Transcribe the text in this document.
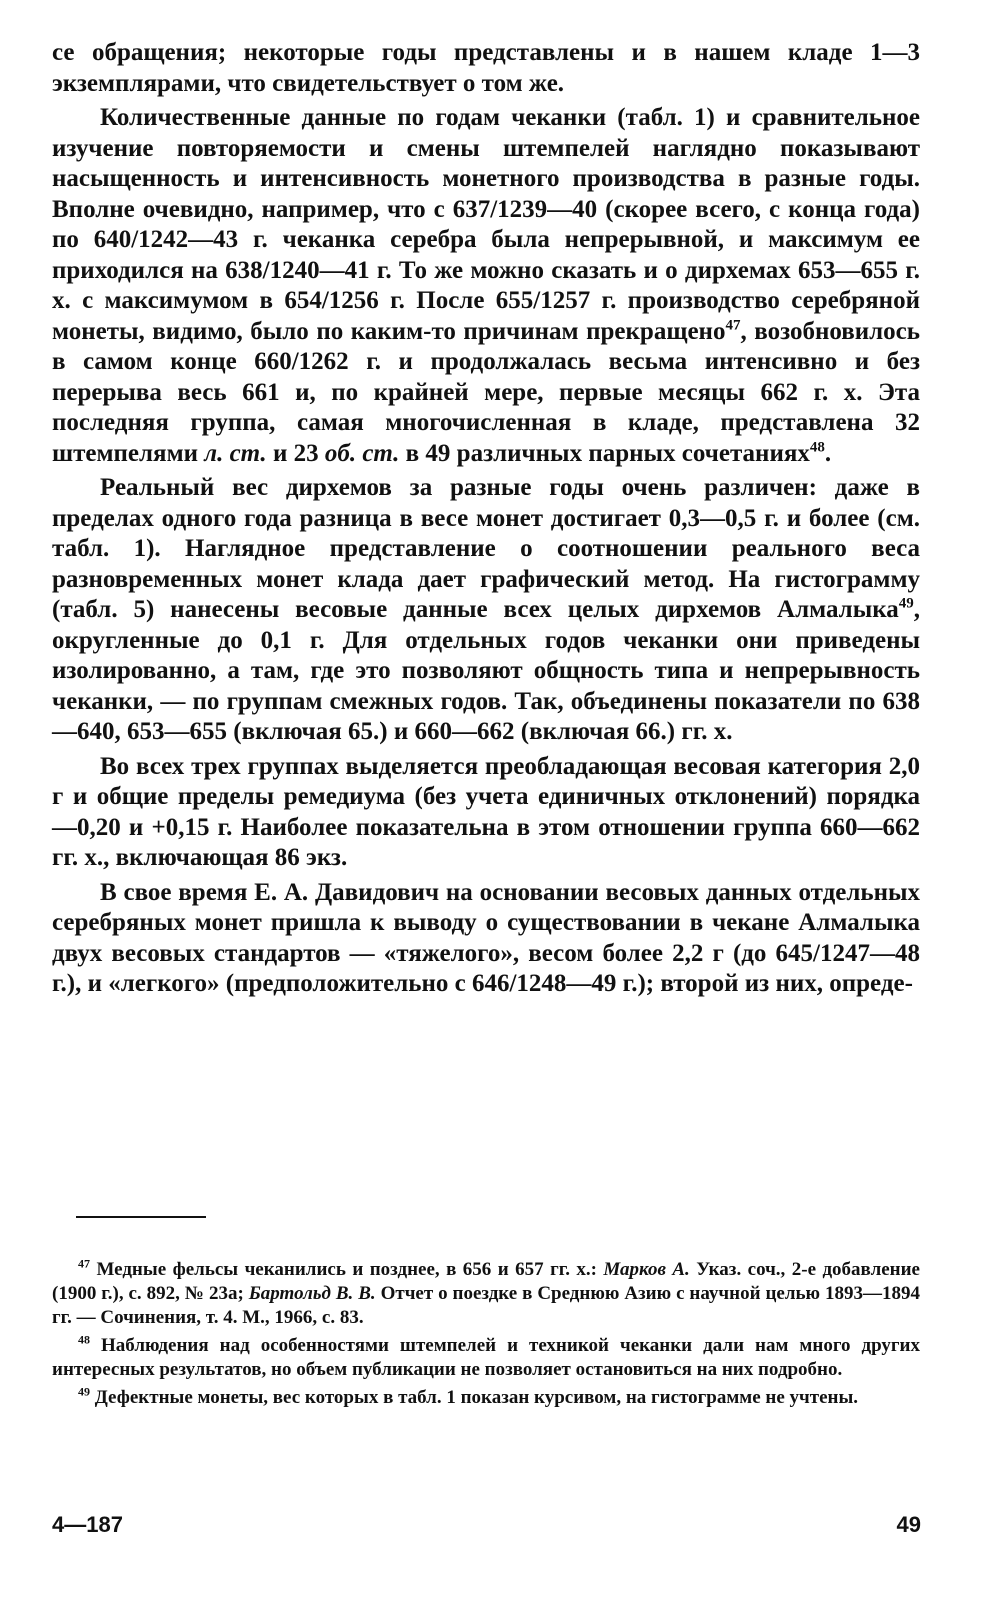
се обращения; некоторые годы представлены и в нашем кладе 1—3 экземплярами, что свидетельствует о том же.

Количественные данные по годам чеканки (табл. 1) и сравнительное изучение повторяемости и смены штемпелей наглядно показывают насыщенность и интенсивность монетного производства в разные годы. Вполне очевидно, например, что с 637/1239—40 (скорее всего, с конца года) по 640/1242—43 г. чеканка серебра была непрерывной, и максимум ее приходился на 638/1240—41 г. То же можно сказать и о дирхемах 653—655 г. х. с максимумом в 654/1256 г. После 655/1257 г. производство серебряной монеты, видимо, было по каким-то причинам прекращено$^{47}$, возобновилось в самом конце 660/1262 г. и продолжалась весьма интенсивно и без перерыва весь 661 и, по крайней мере, первые месяцы 662 г. х. Эта последняя группа, самая многочисленная в кладе, представлена 32 штемпелями л. ст. и 23 об. ст. в 49 различных парных сочетаниях$^{48}$.

Реальный вес дирхемов за разные годы очень различен: даже в пределах одного года разница в весе монет достигает 0,3—0,5 г. и более (см. табл. 1). Наглядное представление о соотношении реального веса разновременных монет клада дает графический метод. На гистограмму (табл. 5) нанесены весовые данные всех целых дирхемов Алмалыка$^{49}$, округленные до 0,1 г. Для отдельных годов чеканки они приведены изолированно, а там, где это позволяют общность типа и непрерывность чеканки, — по группам смежных годов. Так, объединены показатели по 638—640, 653—655 (включая 65.) и 660—662 (включая 66.) гг. х.

Во всех трех группах выделяется преобладающая весовая категория 2,0 г и общие пределы ремедиума (без учета единичных отклонений) порядка —0,20 и +0,15 г. Наиболее показательна в этом отношении группа 660—662 гг. х., включающая 86 экз.

В свое время Е. А. Давидович на основании весовых данных отдельных серебряных монет пришла к выводу о существовании в чекане Алмалыка двух весовых стандартов — «тяжелого», весом более 2,2 г (до 645/1247—48 г.), и «легкого» (предположительно с 646/1248—49 г.); второй из них, опреде-

$^{47}$ Медные фельсы чеканились и позднее, в 656 и 657 гг. х.: Марков А. Указ. соч., 2-е добавление (1900 г.), с. 892, № 23а; Бартольд В. В. Отчет о поездке в Среднюю Азию с научной целью 1893—1894 гг. — Сочинения, т. 4. М., 1966, с. 83.

$^{48}$ Наблюдения над особенностями штемпелей и техникой чеканки дали нам много других интересных результатов, но объем публикации не позволяет остановиться на них подробно.

$^{49}$ Дефектные монеты, вес которых в табл. 1 показан курсивом, на гистограмме не учтены.

4—187	49
